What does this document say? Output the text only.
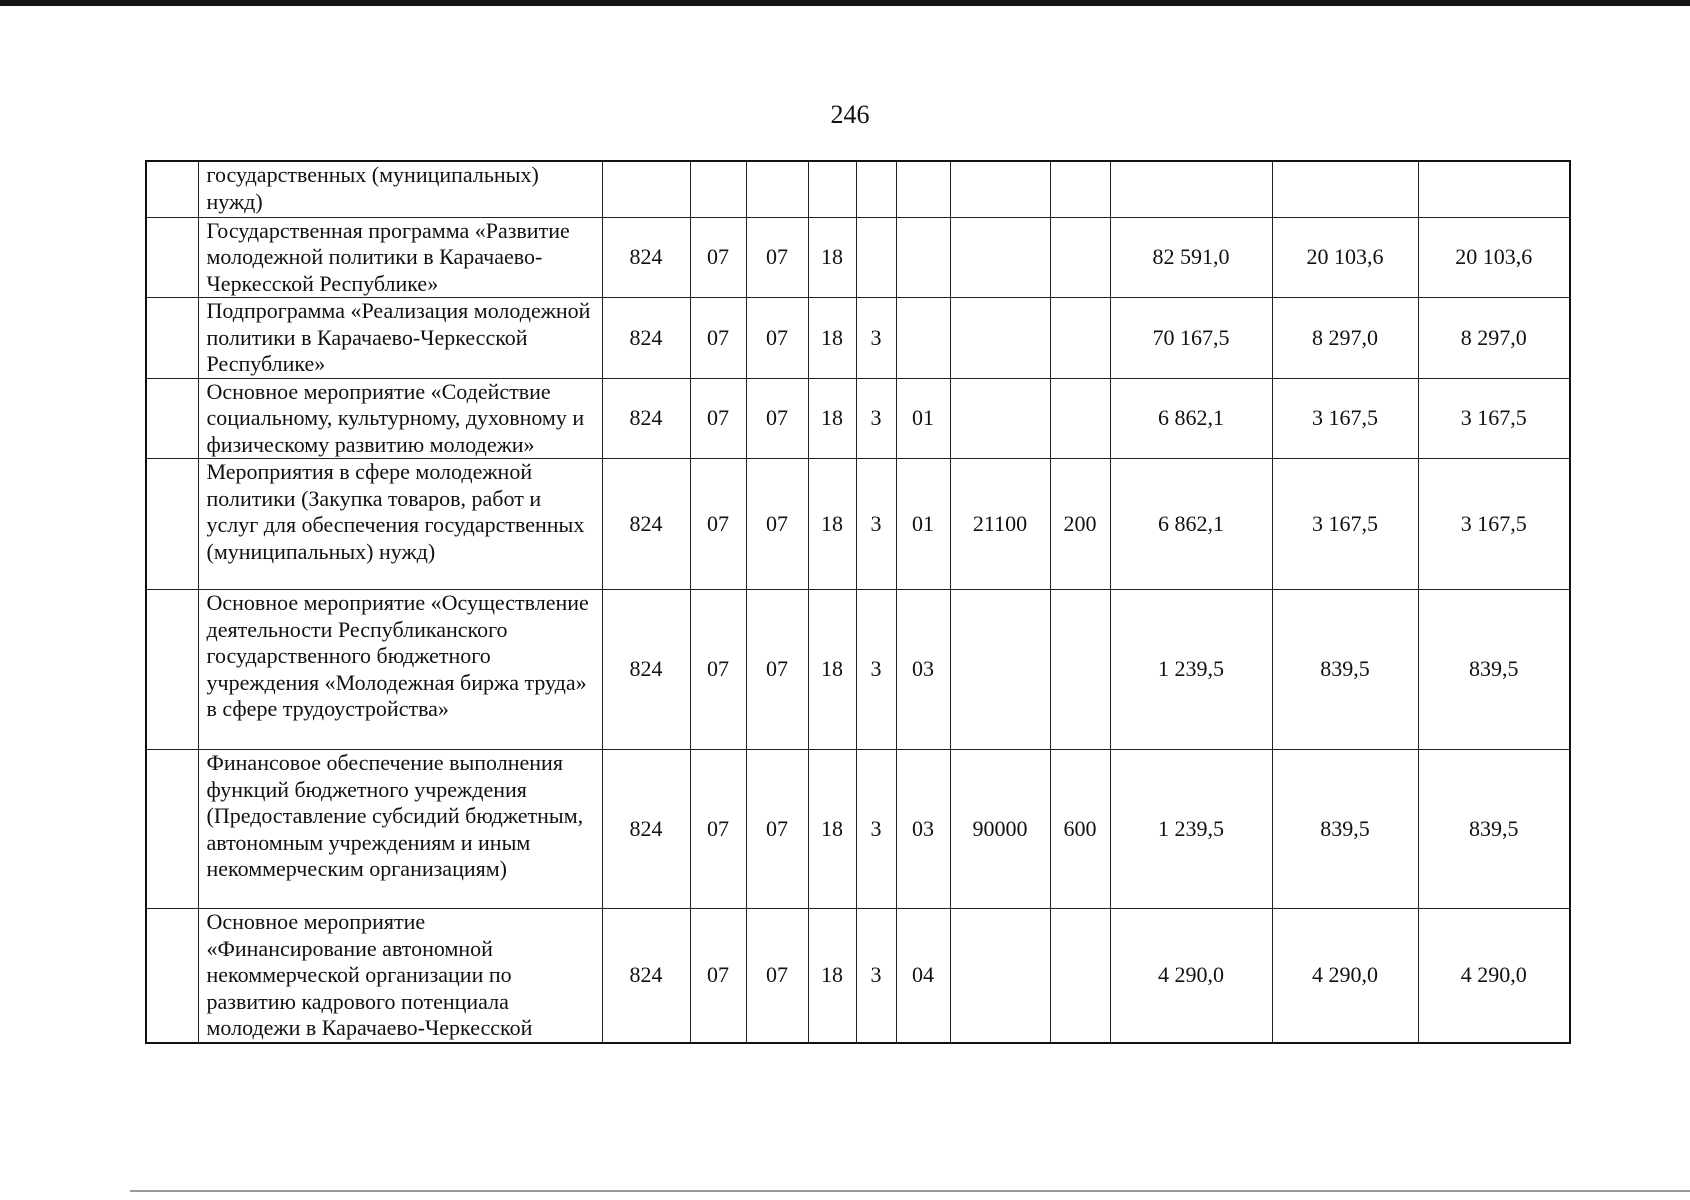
246
	государственных (муниципальных) нужд)											
	Государственная программа «Развитие молодежной политики в Карачаево-Черкесской Республике»	824	07	07	18					82 591,0	20 103,6	20 103,6
	Подпрограмма «Реализация молодежной политики в Карачаево-Черкесской Республике»	824	07	07	18	3				70 167,5	8 297,0	8 297,0
	Основное мероприятие «Содействие социальному, культурному, духовному и физическому развитию молодежи»	824	07	07	18	3	01			6 862,1	3 167,5	3 167,5
	Мероприятия в сфере молодежной политики (Закупка товаров, работ и услуг для обеспечения государственных (муниципальных) нужд)	824	07	07	18	3	01	21100	200	6 862,1	3 167,5	3 167,5
	Основное мероприятие «Осуществление деятельности Республиканского государственного бюджетного учреждения «Молодежная биржа труда» в сфере трудоустройства»	824	07	07	18	3	03			1 239,5	839,5	839,5
	Финансовое обеспечение выполнения функций бюджетного учреждения (Предоставление субсидий бюджетным, автономным учреждениям и иным некоммерческим организациям)	824	07	07	18	3	03	90000	600	1 239,5	839,5	839,5
	Основное мероприятие «Финансирование автономной некоммерческой организации по развитию кадрового потенциала молодежи в Карачаево-Черкесской	824	07	07	18	3	04			4 290,0	4 290,0	4 290,0
